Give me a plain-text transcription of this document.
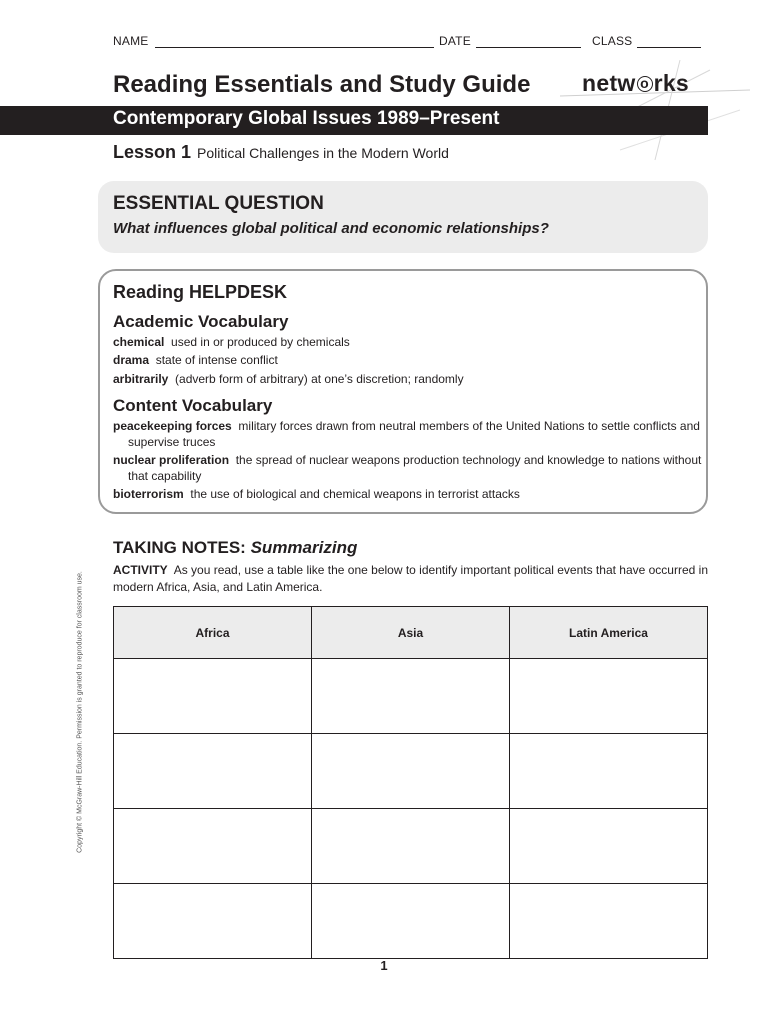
NAME	DATE	CLASS
Reading Essentials and Study Guide netw o rks
Contemporary Global Issues 1989–Present
Lesson 1 Political Challenges in the Modern World
ESSENTIAL QUESTION
What influences global political and economic relationships?
Reading HELPDESK
Academic Vocabulary
chemical used in or produced by chemicals
drama state of intense conflict
arbitrarily (adverb form of arbitrary) at one’s discretion; randomly
Content Vocabulary
peacekeeping forces military forces drawn from neutral members of the United Nations to settle conflicts and supervise truces
nuclear proliferation the spread of nuclear weapons production technology and knowledge to nations without that capability
bioterrorism the use of biological and chemical weapons in terrorist attacks
TAKING NOTES: Summarizing
ACTIVITY As you read, use a table like the one below to identify important political events that have occurred in modern Africa, Asia, and Latin America.
Africa	Asia	Latin America

1
Copyright © McGraw-Hill Education. Permission is granted to reproduce for classroom use.
